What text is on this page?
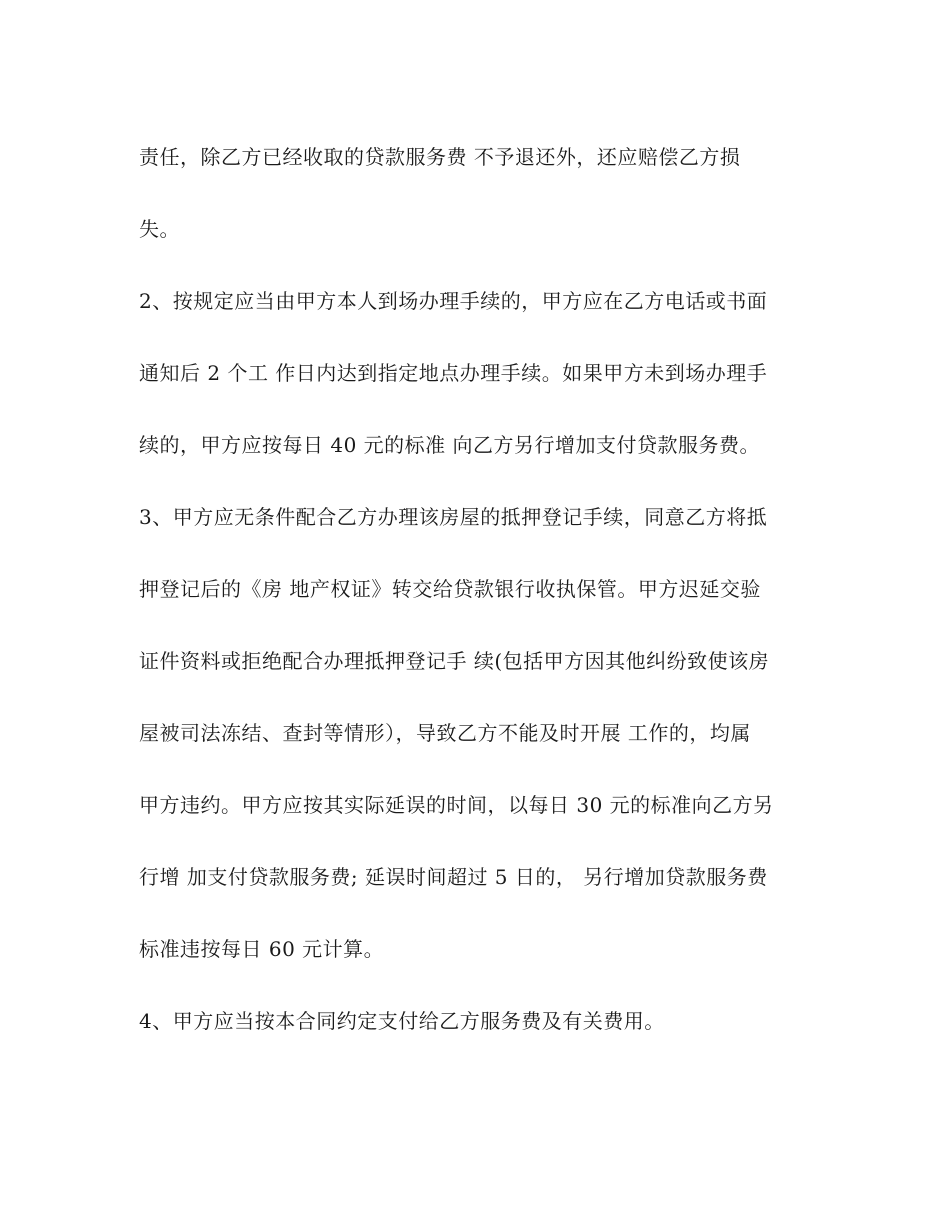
责任，除乙方已经收取的贷款服务费 不予退还外，还应赔偿乙方损
失。
2、按规定应当由甲方本人到场办理手续的，甲方应在乙方电话或书面
通知后 2 个工 作日内达到指定地点办理手续。如果甲方未到场办理手
续的，甲方应按每日 40 元的标准 向乙方另行增加支付贷款服务费。
3、甲方应无条件配合乙方办理该房屋的抵押登记手续，同意乙方将抵
押登记后的《房 地产权证》转交给贷款银行收执保管。甲方迟延交验
证件资料或拒绝配合办理抵押登记手 续(包括甲方因其他纠纷致使该房
屋被司法冻结、查封等情形），导致乙方不能及时开展 工作的，均属
甲方违约。甲方应按其实际延误的时间，以每日 30 元的标准向乙方另
行增 加支付贷款服务费; 延误时间超过 5 日的， 另行增加贷款服务费
标准违按每日 60 元计算。
4、甲方应当按本合同约定支付给乙方服务费及有关费用。
